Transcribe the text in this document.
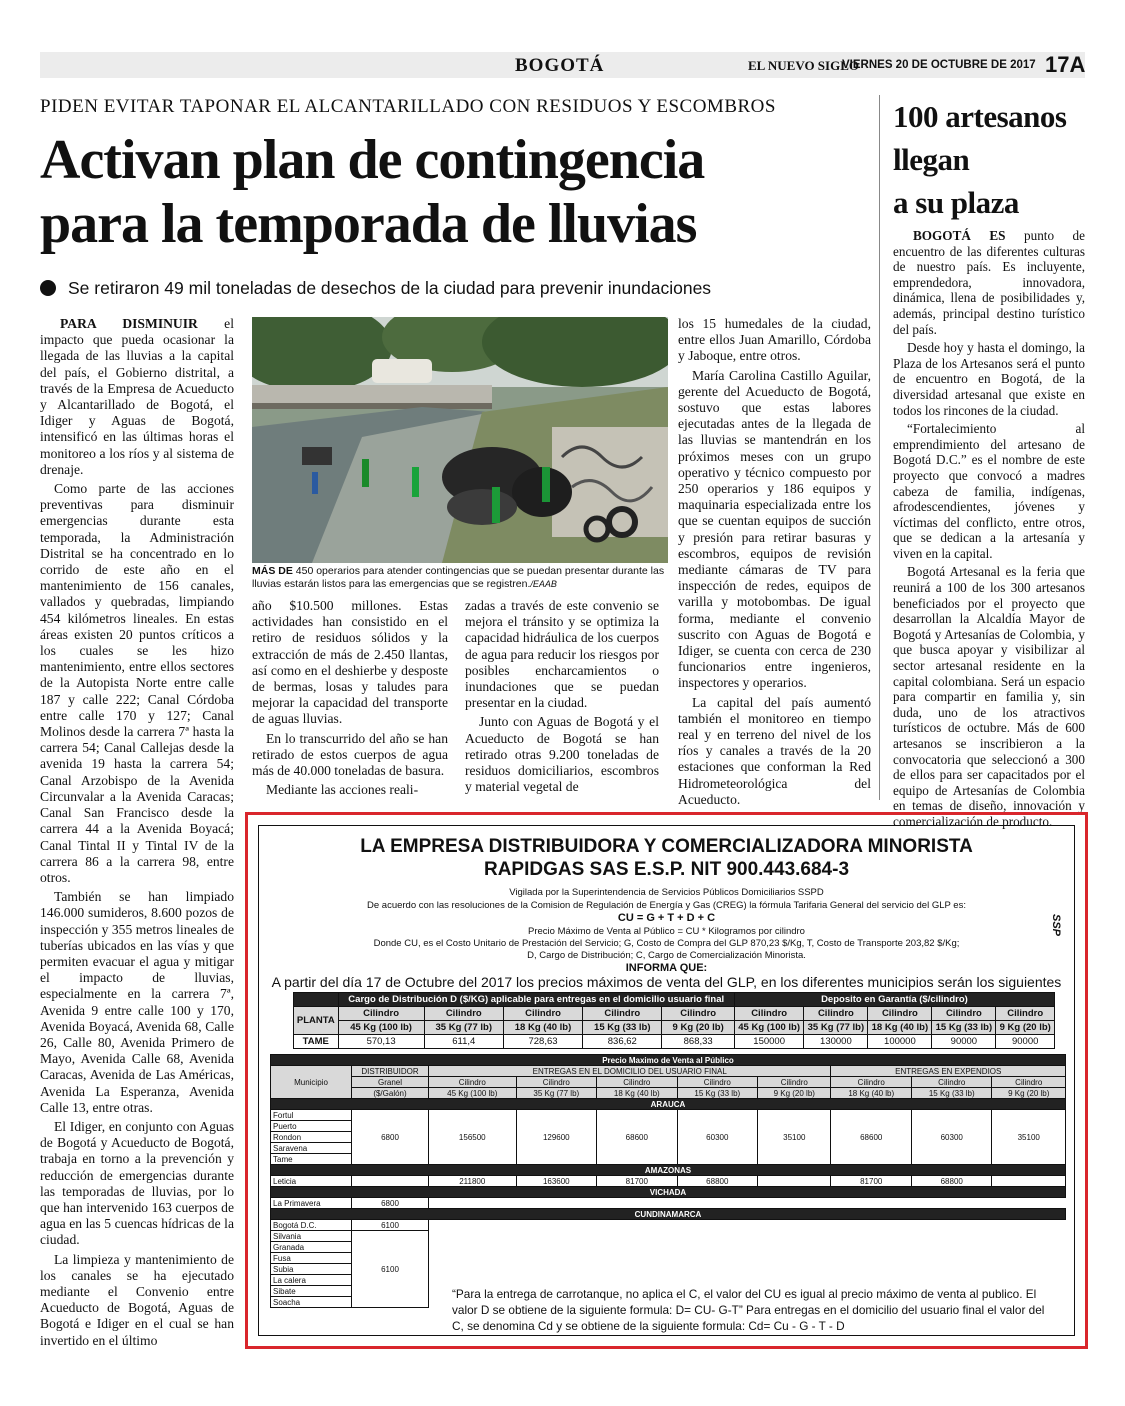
BOGOTÁ	EL NUEVO SIGLO
VIERNES 20 DE OCTUBRE DE 2017 17A
PIDEN EVITAR TAPONAR EL ALCANTARILLADO CON RESIDUOS Y ESCOMBROS
Activan plan de contingencia
para la temporada de lluvias
Se retiraron 49 mil toneladas de desechos de la ciudad para prevenir inundaciones

PARA DISMINUIR el impacto que pueda ocasionar la llegada de las lluvias a la capital del país, el Gobierno distrital, a través de la Empresa de Acueducto y Alcantarillado de Bogotá, el Idiger y Aguas de Bogotá, intensificó en las últimas horas el monitoreo a los ríos y al sistema de drenaje.

Como parte de las acciones preventivas para disminuir emergencias durante esta temporada, la Administración Distrital se ha concentrado en lo corrido de este año en el mantenimiento de 156 canales, vallados y quebradas, limpiando 454 kilómetros lineales. En estas áreas existen 20 puntos críticos a los cuales se les hizo mantenimiento, entre ellos sectores de la Autopista Norte entre calle 187 y calle 222; Canal Córdoba entre calle 170 y 127; Canal Molinos desde la carrera 7ª hasta la carrera 54; Canal Callejas desde la avenida 19 hasta la carrera 54; Canal Arzobispo de la Avenida Circunvalar a la Avenida Caracas; Canal San Francisco desde la carrera 44 a la Avenida Boyacá; Canal Tintal II y Tintal IV de la carrera 86 a la carrera 98, entre otros.

También se han limpiado 146.000 sumideros, 8.600 pozos de inspección y 355 metros lineales de tuberías ubicados en las vías y que permiten evacuar el agua y mitigar el impacto de lluvias, especialmente en la carrera 7ª, Avenida 9 entre calle 100 y 170, Avenida Boyacá, Avenida 68, Calle 26, Calle 80, Avenida Primero de Mayo, Avenida Calle 68, Avenida Caracas, Avenida de Las Américas, Avenida La Esperanza, Avenida Calle 13, entre otras.

El Idiger, en conjunto con Aguas de Bogotá y Acueducto de Bogotá, trabaja en torno a la prevención y reducción de emergencias durante las temporadas de lluvias, por lo que han intervenido 163 cuerpos de agua en las 5 cuencas hídricas de la ciudad.

La limpieza y mantenimiento de los canales se ha ejecutado mediante el Convenio entre Acueducto de Bogotá, Aguas de Bogotá e Idiger en el cual se han invertido en el último

MÁS DE 450 operarios para atender contingencias que se puedan presentar durante las lluvias estarán listos para las emergencias que se registren./EAAB

año $10.500 millones. Estas actividades han consistido en el retiro de residuos sólidos y la extracción de más de 2.450 llantas, así como en el deshierbe y desposte de bermas, losas y taludes para mejorar la capacidad del transporte de aguas lluvias.

En lo transcurrido del año se han retirado de estos cuerpos de agua más de 40.000 toneladas de basura.

Mediante las acciones reali-

zadas a través de este convenio se mejora el tránsito y se optimiza la capacidad hidráulica de los cuerpos de agua para reducir los riesgos por posibles encharcamientos o inundaciones que se puedan presentar en la ciudad.

Junto con Aguas de Bogotá y el Acueducto de Bogotá se han retirado otras 9.200 toneladas de residuos domiciliarios, escombros y material vegetal de

los 15 humedales de la ciudad, entre ellos Juan Amarillo, Córdoba y Jaboque, entre otros.

María Carolina Castillo Aguilar, gerente del Acueducto de Bogotá, sostuvo que estas labores ejecutadas antes de la llegada de las lluvias se mantendrán en los próximos meses con un grupo operativo y técnico compuesto por 250 operarios y 186 equipos y maquinaria especializada entre los que se cuentan equipos de succión y presión para retirar basuras y escombros, equipos de revisión mediante cámaras de TV para inspección de redes, equipos de varilla y motobombas. De igual forma, mediante el convenio suscrito con Aguas de Bogotá e Idiger, se cuenta con cerca de 230 funcionarios entre ingenieros, inspectores y operarios.

La capital del país aumentó también el monitoreo en tiempo real y en terreno del nivel de los ríos y canales a través de la 20 estaciones que conforman la Red Hidrometeorológica del Acueducto.

100 artesanos
llegan
a su plaza

BOGOTÁ ES punto de encuentro de las diferentes culturas de nuestro país. Es incluyente, emprendedora, innovadora, dinámica, llena de posibilidades y, además, principal destino turístico del país.

Desde hoy y hasta el domingo, la Plaza de los Artesanos será el punto de encuentro en Bogotá, de la diversidad artesanal que existe en todos los rincones de la ciudad.

“Fortalecimiento al emprendimiento del artesano de Bogotá D.C.” es el nombre de este proyecto que convocó a madres cabeza de familia, indígenas, afrodescendientes, jóvenes y víctimas del conflicto, entre otros, que se dedican a la artesanía y viven en la capital.

Bogotá Artesanal es la feria que reunirá a 100 de los 300 artesanos beneficiados por el proyecto que desarrollan la Alcaldía Mayor de Bogotá y Artesanías de Colombia, y que busca apoyar y visibilizar al sector artesanal residente en la capital colombiana. Será un espacio para compartir en familia y, sin duda, uno de los atractivos turísticos de octubre. Más de 600 artesanos se inscribieron a la convocatoria que seleccionó a 300 de ellos para ser capacitados por el equipo de Artesanías de Colombia en temas de diseño, innovación y comercialización de producto.

LA EMPRESA DISTRIBUIDORA Y COMERCIALIZADORA MINORISTA
RAPIDGAS SAS E.S.P. NIT 900.443.684-3
Vigilada por la Superintendencia de Servicios Públicos Domiciliarios SSPD
De acuerdo con las resoluciones de la Comision de Regulación de Energía y Gas (CREG) la fórmula Tarifaria General del servicio del GLP es:
CU = G + T + D + C
Precio Máximo de Venta al Público = CU * Kilogramos por cilindro
Donde CU, es el Costo Unitario de Prestación del Servicio; G, Costo de Compra del GLP 870,23 $/Kg, T, Costo de Transporte 203,82 $/Kg;
D, Cargo de Distribución; C, Cargo de Comercialización Minorista.
INFORMA QUE:
A partir del día 17 de Octubre del 2017 los precios máximos de venta del GLP, en los diferentes municipios serán los siguientes
SSP
	Cargo de Distribución D ($/KG) aplicable para entregas en el domicilio usuario final					Deposito en Garantía ($/cilindro)				
PLANTA	Cilindro	Cilindro	Cilindro	Cilindro	Cilindro	Cilindro	Cilindro	Cilindro	Cilindro	Cilindro
	45 Kg (100 lb)	35 Kg (77 lb)	18 Kg (40 lb)	15 Kg (33 lb)	9 Kg (20 lb)	45 Kg (100 lb)	35 Kg (77 lb)	18 Kg (40 lb)	15 Kg (33 lb)	9 Kg (20 lb)
TAME	570,13	611,4	728,63	836,62	868,33	150000	130000	100000	90000	90000
Precio Maximo de Venta al Público									
Municipio	DISTRIBUIDOR	ENTREGAS EN EL DOMICILIO DEL USUARIO FINAL					ENTREGAS EN EXPENDIOS		
	Granel	Cilindro	Cilindro	Cilindro	Cilindro	Cilindro	Cilindro	Cilindro	Cilindro
	($/Galón)	45 Kg (100 lb)	35 Kg (77 lb)	18 Kg (40 lb)	15 Kg (33 lb)	9 Kg (20 lb)	18 Kg (40 lb)	15 Kg (33 lb)	9 Kg (20 lb)
ARAUCA									
Fortul	6800	156500	129600	68600	60300	35100	68600	60300	35100
Puerto									
Rondon									
Saravena									
Tame									
AMAZONAS									
Leticia		211800	163600	81700	68800		81700	68800	
VICHADA									
La Primavera	6800								
CUNDINAMARCA									
Bogotá D.C.	6100								
Silvania	6100								
Granada									
Fusa									
Subia									
La calera									
Sibate									
Soacha									
“Para la entrega de carrotanque, no aplica el C, el valor del CU es igual al precio máximo de venta al publico. El valor D se obtiene de la siguiente formula: D= CU- G-T” Para entregas en el domicilio del usuario final el valor del C, se denomina Cd y se obtiene de la siguiente formula: Cd= Cu - G - T - D
